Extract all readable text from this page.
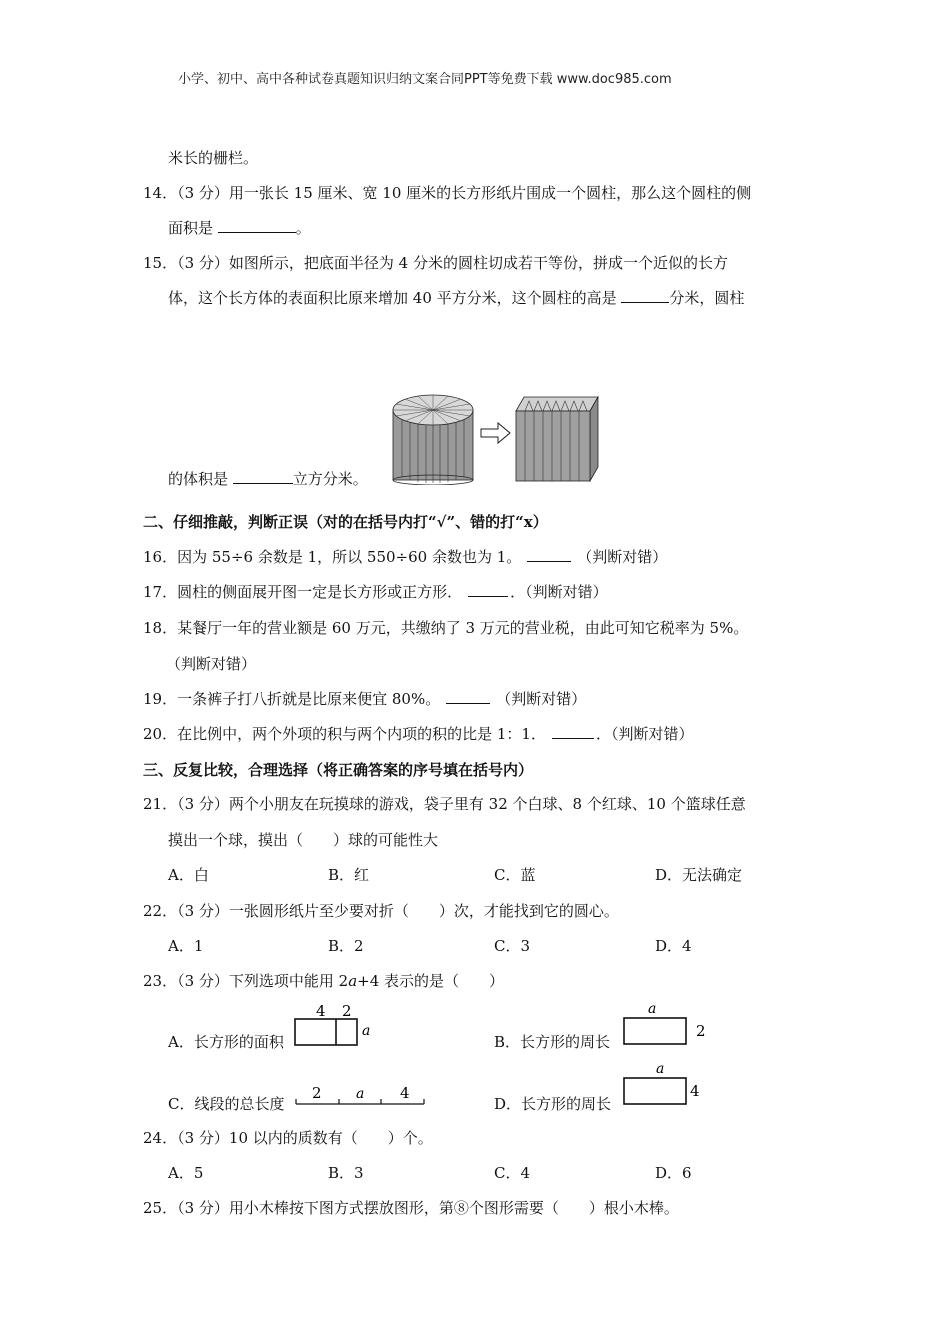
小学、初中、高中各种试卷真题知识归纳文案合同PPT等免费下载 www.doc985.com
米长的栅栏。
14．（3 分）用一张长 15 厘米、宽 10 厘米的长方形纸片围成一个圆柱，那么这个圆柱的侧
面积是	。
15．（3 分）如图所示，把底面半径为 4 分米的圆柱切成若干等份，拼成一个近似的长方
体，这个长方体的表面积比原来增加 40 平方分米，这个圆柱的高是	分米，圆柱
的体积是	立方分米。
二、仔细推敲，判断正误（对的在括号内打“√”、错的打“x）
16．因为 55÷6 余数是 1，所以 550÷60 余数也为 1。	（判断对错）
17．圆柱的侧面展开图一定是长方形或正方形．	．（判断对错）
18．某餐厅一年的营业额是 60 万元，共缴纳了 3 万元的营业税，由此可知它税率为 5%。
（判断对错）
19．一条裤子打八折就是比原来便宜 80%。	（判断对错）
20．在比例中，两个外项的积与两个内项的积的比是 1：1．	．（判断对错）
三、反复比较，合理选择（将正确答案的序号填在括号内）
21．（3 分）两个小朋友在玩摸球的游戏，袋子里有 32 个白球、8 个红球、10 个篮球任意
摸出一个球，摸出（　　）球的可能性大
A．白	B．红	C．蓝	D．无法确定
22．（3 分）一张圆形纸片至少要对折（　　）次，才能找到它的圆心。
A．1	B．2	C．3	D．4
23．（3 分）下列选项中能用 2a+4 表示的是（　　）
A．长方形的面积
4 2
a
B．长方形的周长
a
2
C．线段的总长度
2 a 4
D．长方形的周长
a
4
24．（3 分）10 以内的质数有（　　）个。
A．5	B．3	C．4	D．6
25．（3 分）用小木棒按下图方式摆放图形，第⑧个图形需要（　　）根小木棒。
